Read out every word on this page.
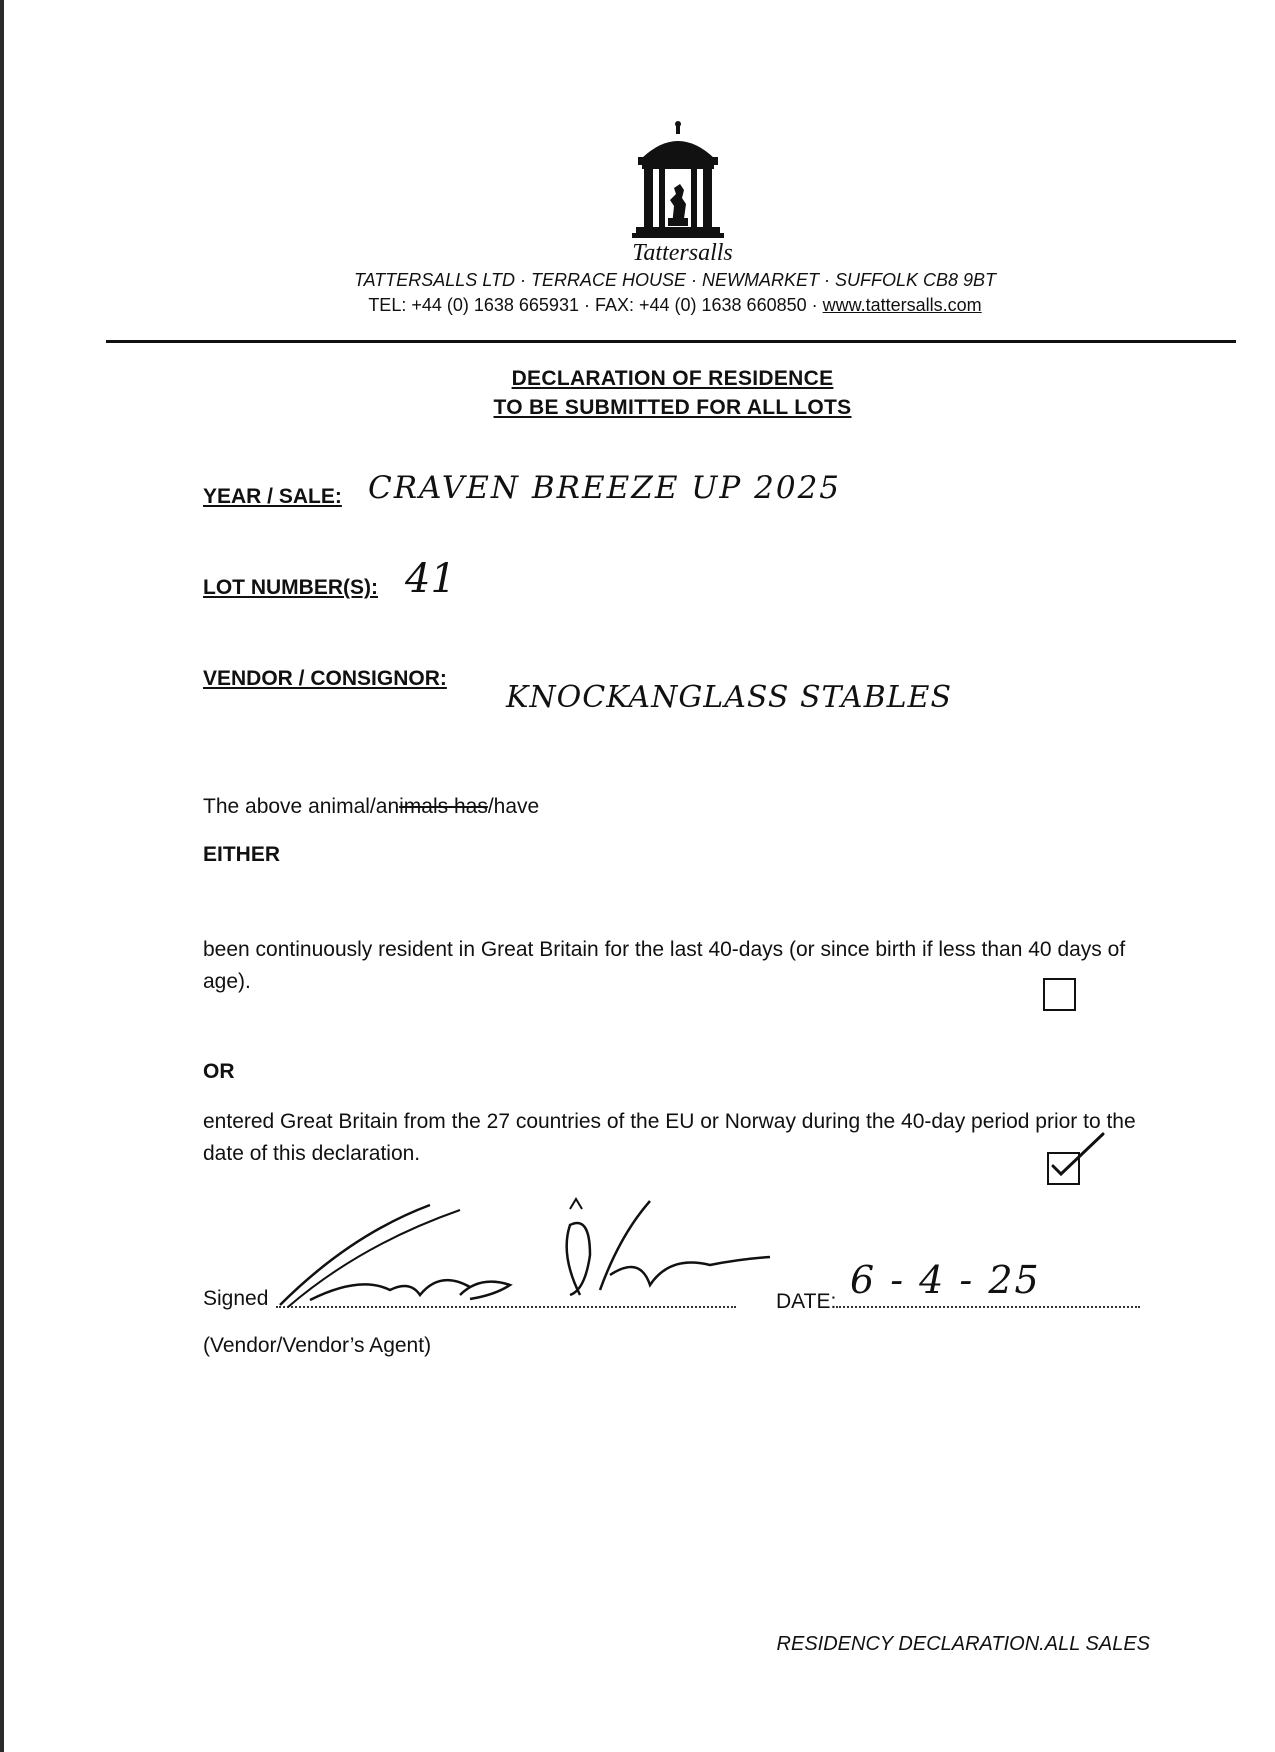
Tattersalls
TATTERSALLS LTD · TERRACE HOUSE · NEWMARKET · SUFFOLK CB8 9BT
TEL: +44 (0) 1638 665931 · FAX: +44 (0) 1638 660850 · www.tattersalls.com
DECLARATION OF RESIDENCE
TO BE SUBMITTED FOR ALL LOTS
YEAR / SALE: CRAVEN BREEZE UP 2025
LOT NUMBER(S): 41
VENDOR / CONSIGNOR:
KNOCKANGLASS STABLES
The above animal/animals has/have
EITHER
been continuously resident in Great Britain for the last 40-days (or since birth if less than 40 days of age).
OR
entered Great Britain from the 27 countries of the EU or Norway during the 40-day period prior to the date of this declaration.
Signed	DATE: 6 - 4 - 25
(Vendor/Vendor’s Agent)
RESIDENCY DECLARATION.ALL SALES
